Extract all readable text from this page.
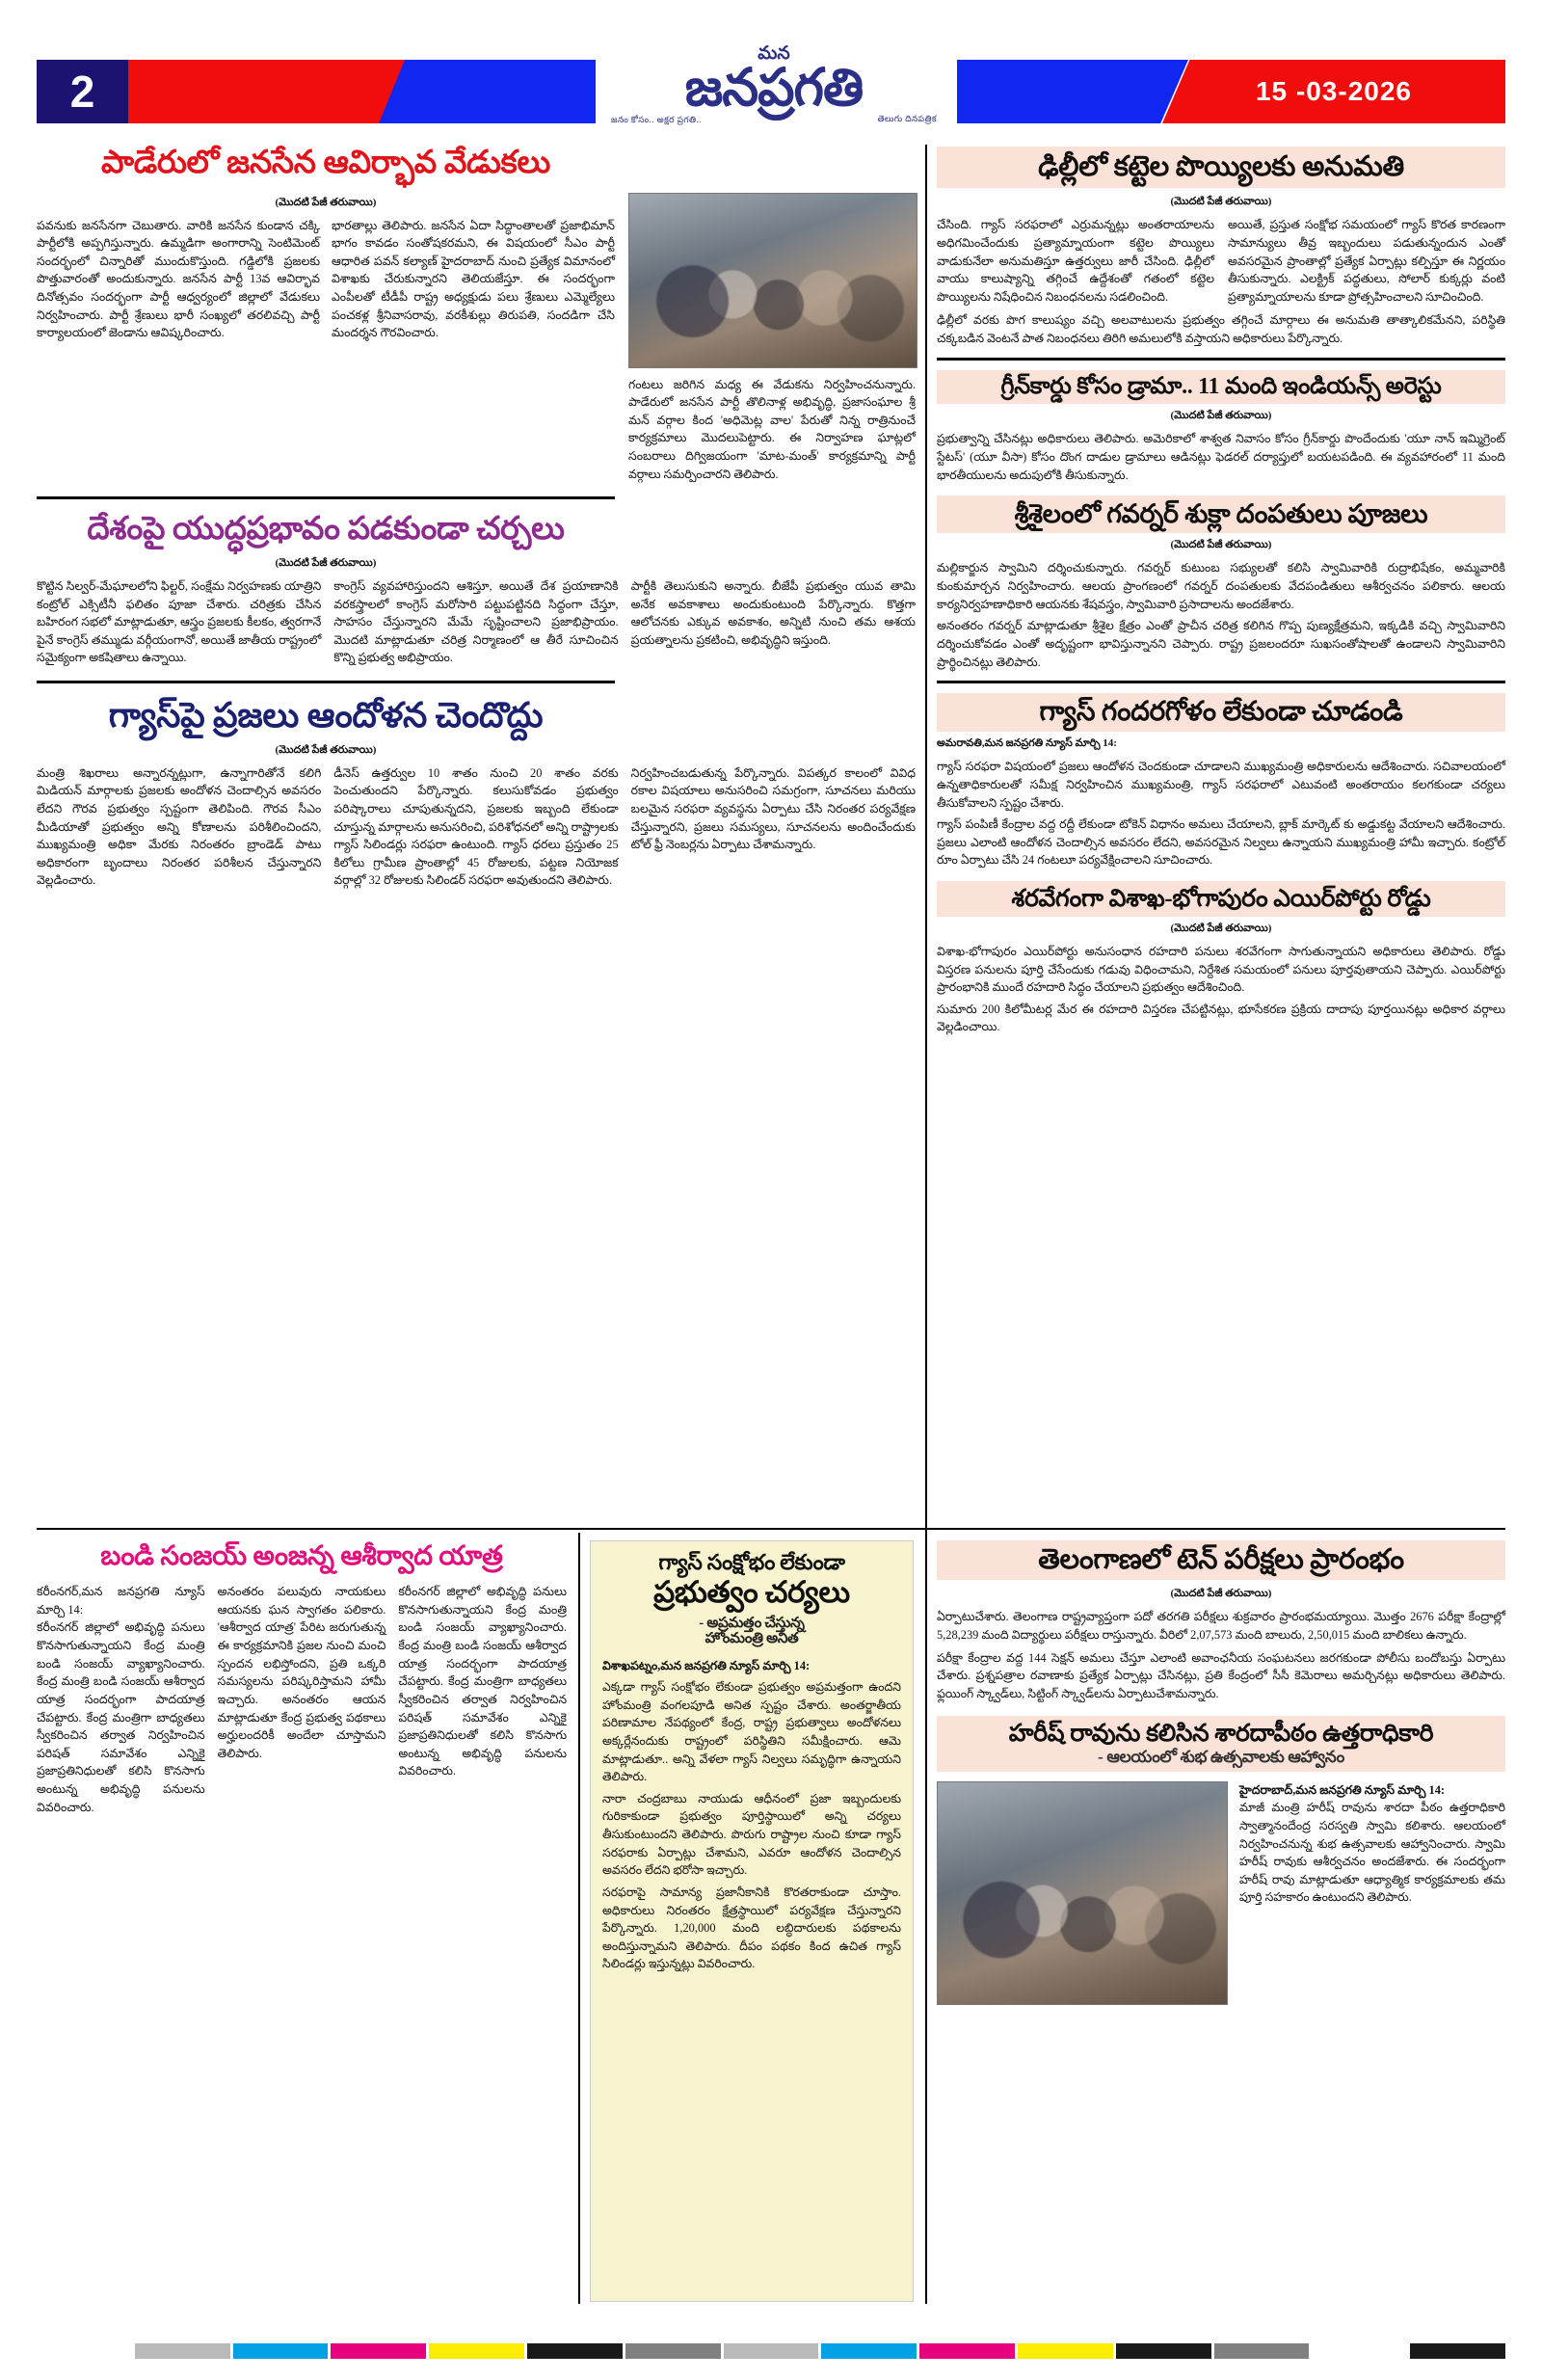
2
మన
జనప్రగతి
జనం కోసం.. అక్షర ప్రగతి..	తెలుగు దినపత్రిక
15 -03-2026
పాడేరులో జనసేన ఆవిర్భావ వేడుకలు
(మొదటి పేజీ తరువాయి)
పవనుకు జనసేనగా చెబుతారు. వారికి జనసేన కుండాన చక్కి పార్టీలోకి అప్పగిస్తున్నారు. ఉమ్మడిగా అంగారాన్ని సెంటిమెంట్ సందర్భంలో చిన్నారితో ముందుకొస్తుంది. గడ్డిలోకి ప్రజలకు పొత్తువారంతో అందుకున్నారు. జనసేన పార్టీ 13వ ఆవిర్భావ దినోత్సవం సందర్భంగా పార్టీ ఆధ్వర్యంలో జిల్లాలో వేడుకలు నిర్వహించారు. పార్టీ శ్రేణులు భారీ సంఖ్యలో తరలివచ్చి పార్టీ కార్యాలయంలో జెండాను ఆవిష్కరించారు.
భారతాల్లు తెలిపారు. జనసేన ఏదా సిద్ధాంతాలతో ప్రజాభిమాన్ భాగం కావడం సంతోషకరమని, ఈ విషయంలో సీఎం పార్టీ ఆధారిత పవన్ కల్యాణ్ హైదరాబాద్ నుంచి ప్రత్యేక విమానంలో విశాఖకు చేరుకున్నారని తెలియజేస్తూ. ఈ సందర్భంగా ఎంపీలతో టీడీపీ రాష్ట్ర అధ్యక్షుడు పలు శ్రేణులు ఎమ్మెల్యేలు పంచకళ్ల శ్రీనివాసరావు, వరకీశుల్లు తిరుపతి, సందడిగా చేసి మందర్శన గౌరవించారు.
గంటలు జరిగిన మధ్య ఈ వేడుకను నిర్వహించనున్నారు. పాడేరులో జనసేన పార్టీ తొలినాళ్ల అభివృద్ధి, ప్రజాసంఘాల శ్రీ మన్ వర్గాల కింద 'అధిమెట్ల వాల' పేరుతో నిన్న రాత్రినుంచే కార్యక్రమాలు మొదలుపెట్టారు. ఈ నిర్వాహణ ఘాట్లలో సంబరాలు దిగ్విజయంగా 'మాట-మంత్' కార్యక్రమాన్ని పార్టీ వర్గాలు సమర్పించారని తెలిపారు.
దేశంపై యుద్ధప్రభావం పడకుండా చర్చలు
(మొదటి పేజీ తరువాయి)
కొట్టిన సిల్వర్-మేఘాలలోని ఫిల్టర్, సంక్షేమ నిర్వహణకు యాత్రిని కంట్రోల్ ఎక్సిటీనీ ఫలితం పూజా చేశారు. చరిత్రకు చేసిన బహిరంగ సభలో మాట్లాడుతూ, ఆస్త్రం ప్రజలకు కీలకం, త్వరగానే పైనే కాంగ్రెస్ తమ్ముడు వర్గీయంగానో, అయితే జాతీయ రాష్ట్రంలో సమైక్యంగా అకషితాలు ఉన్నాయి.
కాంగ్రెస్ వ్యవహారిస్తుందని ఆశిస్తూ, అయితే దేశ ప్రయాణానికి వరకస్త్రాలలో కాంగ్రెస్ మరోసారి పట్టుపట్టినది సిద్ధంగా చేస్తూ, సాహసం చేస్తున్నారని మేమే సృష్టించాలని ప్రజాభిప్రాయం. మొదటి మాట్లాడుతూ చరిత్ర నిర్మాణంలో ఆ తీరే సూచించిన కొన్ని ప్రభుత్వ అభిప్రాయం.
పార్టీకి తెలుసుకుని అన్నారు. బీజేపీ ప్రభుత్వం యువ తామి అనేక అవకాశాలు అందుకుంటుంది పేర్కొన్నారు. కొత్తగా ఆలోచనకు ఎక్కువ అవకాశం, అన్నిటి నుంచి తమ ఆశయ ప్రయత్నాలను ప్రకటించి, అభివృద్ధిని ఇస్తుంది.
గ్యాస్‌పై ప్రజలు ఆందోళన చెందొద్దు
(మొదటి పేజీ తరువాయి)
మంత్రి శిఖరాలు అన్నారన్నట్లుగా, ఉన్నాగారితోనే కలిగి మిడియన్ మార్గాలకు ప్రజలకు అందోళన చెందాల్సిన అవసరం లేదని గౌరవ ప్రభుత్వం స్పష్టంగా తెలిపింది. గౌరవ సీఎం మీడియాతో ప్రభుత్వం అన్ని కోణాలను పరిశీలించిందని, ముఖ్యమంత్రి అధికా మేరకు నిరంతరం బ్రాండెడ్ పాటు అధికారంగా బృందాలు నిరంతర పరిశీలన చేస్తున్నారని వెల్లడించారు.
డీనెస్ ఉత్తర్వుల 10 శాతం నుంచి 20 శాతం వరకు పెంచుతుందని పేర్కొన్నారు. కలుసుకోవడం ప్రభుత్వం పరిష్కారాలు చూపుతున్నదని, ప్రజలకు ఇబ్బంది లేకుండా చూస్తున్న మార్గాలను అనుసరించి, పరిశోధనలో అన్ని రాష్ట్రాలకు గ్యాస్ సిలిండర్లు సరఫరా ఉంటుంది. గ్యాస్ ధరలు ప్రస్తుతం 25 కిలోలు గ్రామీణ ప్రాంతాల్లో 45 రోజులకు, పట్టణ నియోజక వర్గాల్లో 32 రోజులకు సిలిండర్ సరఫరా అవుతుందని తెలిపారు.
నిర్వహించబడుతున్న పేర్కొన్నారు. విపత్కర కాలంలో వివిధ రకాల విషయాలు అనుసరించి సమగ్రంగా, సూచనలు మరియు బలమైన సరఫరా వ్యవస్థను ఏర్పాటు చేసి నిరంతర పర్యవేక్షణ చేస్తున్నారని, ప్రజలు సమస్యలు, సూచనలను అందించేందుకు టోల్ ఫ్రీ నెంబర్లను ఏర్పాటు చేశామన్నారు.
ఢిల్లీలో కట్టెల పొయ్యిలకు అనుమతి
(మొదటి పేజీ తరువాయి)
చేసింది. గ్యాస్ సరఫరాలో ఎర్రుమన్నట్లు అంతరాయాలను అధిగమించేందుకు ప్రత్యామ్నాయంగా కట్టెల పొయ్యిలు వాడుకునేలా అనుమతిస్తూ ఉత్తర్వులు జారీ చేసింది. ఢిల్లీలో వాయు కాలుష్యాన్ని తగ్గించే ఉద్దేశంతో గతంలో కట్టెల పొయ్యిలను నిషేధించిన నిబంధనలను సడలించింది.
అయితే, ప్రస్తుత సంక్షోభ సమయంలో గ్యాస్ కొరత కారణంగా సామాన్యులు తీవ్ర ఇబ్బందులు పడుతున్నందున ఎంతో అవసరమైన ప్రాంతాల్లో ప్రత్యేక ఏర్పాట్లు కల్పిస్తూ ఈ నిర్ణయం తీసుకున్నారు. ఎలక్ట్రిక్ పద్ధతులు, సోలార్ కుక్కర్లు వంటి ప్రత్యామ్నాయాలను కూడా ప్రోత్సహించాలని సూచించింది.
ఢిల్లీలో వరకు పొగ కాలుష్యం వచ్చి అలవాటులను ప్రభుత్వం తగ్గించే మార్గాలు ఈ అనుమతి తాత్కాలికమేనని, పరిస్థితి చక్కబడిన వెంటనే పాత నిబంధనలు తిరిగి అమలులోకి వస్తాయని అధికారులు పేర్కొన్నారు.
గ్రీన్‌కార్డు కోసం డ్రామా.. 11 మంది ఇండియన్స్ అరెస్టు
(మొదటి పేజీ తరువాయి)
ప్రభుత్వాన్ని చేసినట్లు అధికారులు తెలిపారు. అమెరికాలో శాశ్వత నివాసం కోసం గ్రీన్‌కార్డు పొందేందుకు 'యూ నాన్ ఇమ్మిగ్రెంట్ స్టేటస్' (యూ వీసా) కోసం దొంగ దాడుల డ్రామాలు ఆడినట్లు ఫెడరల్ దర్యాప్తులో బయటపడింది. ఈ వ్యవహారంలో 11 మంది భారతీయులను అదుపులోకి తీసుకున్నారు.
శ్రీశైలంలో గవర్నర్ శుక్లా దంపతులు పూజలు
(మొదటి పేజీ తరువాయి)
మల్లికార్జున స్వామిని దర్శించుకున్నారు. గవర్నర్ కుటుంబ సభ్యులతో కలిసి స్వామివారికి రుద్రాభిషేకం, అమ్మవారికి కుంకుమార్చన నిర్వహించారు. ఆలయ ప్రాంగణంలో గవర్నర్ దంపతులకు వేదపండితులు ఆశీర్వచనం పలికారు. ఆలయ కార్యనిర్వహణాధికారి ఆయనకు శేషవస్త్రం, స్వామివారి ప్రసాదాలను అందజేశారు.
అనంతరం గవర్నర్ మాట్లాడుతూ శ్రీశైల క్షేత్రం ఎంతో ప్రాచీన చరిత్ర కలిగిన గొప్ప పుణ్యక్షేత్రమని, ఇక్కడికి వచ్చి స్వామివారిని దర్శించుకోవడం ఎంతో అదృష్టంగా భావిస్తున్నానని చెప్పారు. రాష్ట్ర ప్రజలందరూ సుఖసంతోషాలతో ఉండాలని స్వామివారిని ప్రార్థించినట్లు తెలిపారు.
గ్యాస్ గందరగోళం లేకుండా చూడండి
అమరావతి,మన జనప్రగతి న్యూస్ మార్చి 14:
గ్యాస్ సరఫరా విషయంలో ప్రజలు ఆందోళన చెందకుండా చూడాలని ముఖ్యమంత్రి అధికారులను ఆదేశించారు. సచివాలయంలో ఉన్నతాధికారులతో సమీక్ష నిర్వహించిన ముఖ్యమంత్రి, గ్యాస్ సరఫరాలో ఎటువంటి అంతరాయం కలగకుండా చర్యలు తీసుకోవాలని స్పష్టం చేశారు.
గ్యాస్ పంపిణీ కేంద్రాల వద్ద రద్దీ లేకుండా టోకెన్ విధానం అమలు చేయాలని, బ్లాక్ మార్కెట్ కు అడ్డుకట్ట వేయాలని ఆదేశించారు. ప్రజలు ఎలాంటి ఆందోళన చెందాల్సిన అవసరం లేదని, అవసరమైన నిల్వలు ఉన్నాయని ముఖ్యమంత్రి హామీ ఇచ్చారు. కంట్రోల్ రూం ఏర్పాటు చేసి 24 గంటలూ పర్యవేక్షించాలని సూచించారు.
శరవేగంగా విశాఖ-భోగాపురం ఎయిర్‌పోర్టు రోడ్డు
(మొదటి పేజీ తరువాయి)
విశాఖ-భోగాపురం ఎయిర్‌పోర్టు అనుసంధాన రహదారి పనులు శరవేగంగా సాగుతున్నాయని అధికారులు తెలిపారు. రోడ్డు విస్తరణ పనులను పూర్తి చేసేందుకు గడువు విధించామని, నిర్దేశిత సమయంలో పనులు పూర్తవుతాయని చెప్పారు. ఎయిర్‌పోర్టు ప్రారంభానికి ముందే రహదారి సిద్ధం చేయాలని ప్రభుత్వం ఆదేశించింది.
సుమారు 200 కిలోమీటర్ల మేర ఈ రహదారి విస్తరణ చేపట్టినట్లు, భూసేకరణ ప్రక్రియ దాదాపు పూర్తయినట్లు అధికార వర్గాలు వెల్లడించాయి.
బండి సంజయ్ అంజన్న ఆశీర్వాద యాత్ర
కరీంనగర్,మన జనప్రగతి న్యూస్ మార్చి 14:
కరీంనగర్ జిల్లాలో అభివృద్ధి పనులు కొనసాగుతున్నాయని కేంద్ర మంత్రి బండి సంజయ్ వ్యాఖ్యానించారు. కేంద్ర మంత్రి బండి సంజయ్ ఆశీర్వాద యాత్ర సందర్భంగా పాదయాత్ర చేపట్టారు. కేంద్ర మంత్రిగా బాధ్యతలు స్వీకరించిన తర్వాత నిర్వహించిన పరిషత్ సమావేశం ఎన్నికై ప్రజాప్రతినిధులతో కలిసి కొనసాగు అంటున్న అభివృద్ధి పనులను వివరించారు.
అనంతరం పలువురు నాయకులు ఆయనకు ఘన స్వాగతం పలికారు. 'ఆశీర్వాద యాత్ర' పేరిట జరుగుతున్న ఈ కార్యక్రమానికి ప్రజల నుంచి మంచి స్పందన లభిస్తోందని, ప్రతి ఒక్కరి సమస్యలను పరిష్కరిస్తామని హామీ ఇచ్చారు. అనంతరం ఆయన మాట్లాడుతూ కేంద్ర ప్రభుత్వ పథకాలు అర్హులందరికీ అందేలా చూస్తామని తెలిపారు.
కరీంనగర్ జిల్లాలో అభివృద్ధి పనులు కొనసాగుతున్నాయని కేంద్ర మంత్రి బండి సంజయ్ వ్యాఖ్యానించారు. కేంద్ర మంత్రి బండి సంజయ్ ఆశీర్వాద యాత్ర సందర్భంగా పాదయాత్ర చేపట్టారు. కేంద్ర మంత్రిగా బాధ్యతలు స్వీకరించిన తర్వాత నిర్వహించిన పరిషత్ సమావేశం ఎన్నికై ప్రజాప్రతినిధులతో కలిసి కొనసాగు అంటున్న అభివృద్ధి పనులను వివరించారు.
గ్యాస్ సంక్షోభం లేకుండా
ప్రభుత్వం చర్యలు
- అప్రమత్తం చేస్తున్న
హోంమంత్రి అనిత
విశాఖపట్నం,మన జనప్రగతి న్యూస్ మార్చి 14:
ఎక్కడా గ్యాస్ సంక్షోభం లేకుండా ప్రభుత్వం అప్రమత్తంగా ఉందని హోంమంత్రి వంగలపూడి అనిత స్పష్టం చేశారు. అంతర్జాతీయ పరిణామాల నేపథ్యంలో కేంద్ర, రాష్ట్ర ప్రభుత్వాలు అందోళనలు అక్కర్లేనందుకు రాష్ట్రంలో పరిస్థితిని సమీక్షించారు. ఆమె మాట్లాడుతూ.. అన్ని వేళలా గ్యాస్ నిల్వలు సమృద్ధిగా ఉన్నాయని తెలిపారు.
నారా చంద్రబాబు నాయుడు ఆధీనంలో ప్రజా ఇబ్బందులకు గురికాకుండా ప్రభుత్వం పూర్తిస్థాయిలో అన్ని చర్యలు తీసుకుంటుందని తెలిపారు. పొరుగు రాష్ట్రాల నుంచి కూడా గ్యాస్ సరఫరాకు ఏర్పాట్లు చేశామని, ఎవరూ ఆందోళన చెందాల్సిన అవసరం లేదని భరోసా ఇచ్చారు.
సరఫరాపై సామాన్య ప్రజానీకానికి కొరతరాకుండా చూస్తాం. అధికారులు నిరంతరం క్షేత్రస్థాయిలో పర్యవేక్షణ చేస్తున్నారని పేర్కొన్నారు. 1,20,000 మంది లబ్ధిదారులకు పథకాలను అందిస్తున్నామని తెలిపారు. దీపం పథకం కింద ఉచిత గ్యాస్ సిలిండర్లు ఇస్తున్నట్లు వివరించారు.
తెలంగాణలో టెన్ పరీక్షలు ప్రారంభం
(మొదటి పేజీ తరువాయి)
ఏర్పాటుచేశారు. తెలంగాణ రాష్ట్రవ్యాప్తంగా పదో తరగతి పరీక్షలు శుక్రవారం ప్రారంభమయ్యాయి. మొత్తం 2676 పరీక్షా కేంద్రాల్లో 5,28,239 మంది విద్యార్థులు పరీక్షలు రాస్తున్నారు. వీరిలో 2,07,573 మంది బాలురు, 2,50,015 మంది బాలికలు ఉన్నారు.
పరీక్షా కేంద్రాల వద్ద 144 సెక్షన్ అమలు చేస్తూ ఎలాంటి అవాంఛనీయ సంఘటనలు జరగకుండా పోలీసు బందోబస్తు ఏర్పాటు చేశారు. ప్రశ్నపత్రాల రవాణాకు ప్రత్యేక ఏర్పాట్లు చేసినట్లు, ప్రతి కేంద్రంలో సీసీ కెమెరాలు అమర్చినట్లు అధికారులు తెలిపారు. ఫ్లయింగ్ స్క్వాడ్‌లు, సిట్టింగ్ స్క్వాడ్‌లను ఏర్పాటుచేశామన్నారు.
హరీష్ రావును కలిసిన శారదాపీఠం ఉత్తరాధికారి
- ఆలయంలో శుభ ఉత్సవాలకు ఆహ్వానం
హైదరాబాద్,మన జనప్రగతి న్యూస్ మార్చి 14:
మాజీ మంత్రి హరీష్ రావును శారదా పీఠం ఉత్తరాధికారి స్వాత్మానందేంద్ర సరస్వతి స్వామి కలిశారు. ఆలయంలో నిర్వహించనున్న శుభ ఉత్సవాలకు ఆహ్వానించారు. స్వామి హరీష్ రావుకు ఆశీర్వచనం అందజేశారు. ఈ సందర్భంగా హరీష్ రావు మాట్లాడుతూ ఆధ్యాత్మిక కార్యక్రమాలకు తమ పూర్తి సహకారం ఉంటుందని తెలిపారు.
